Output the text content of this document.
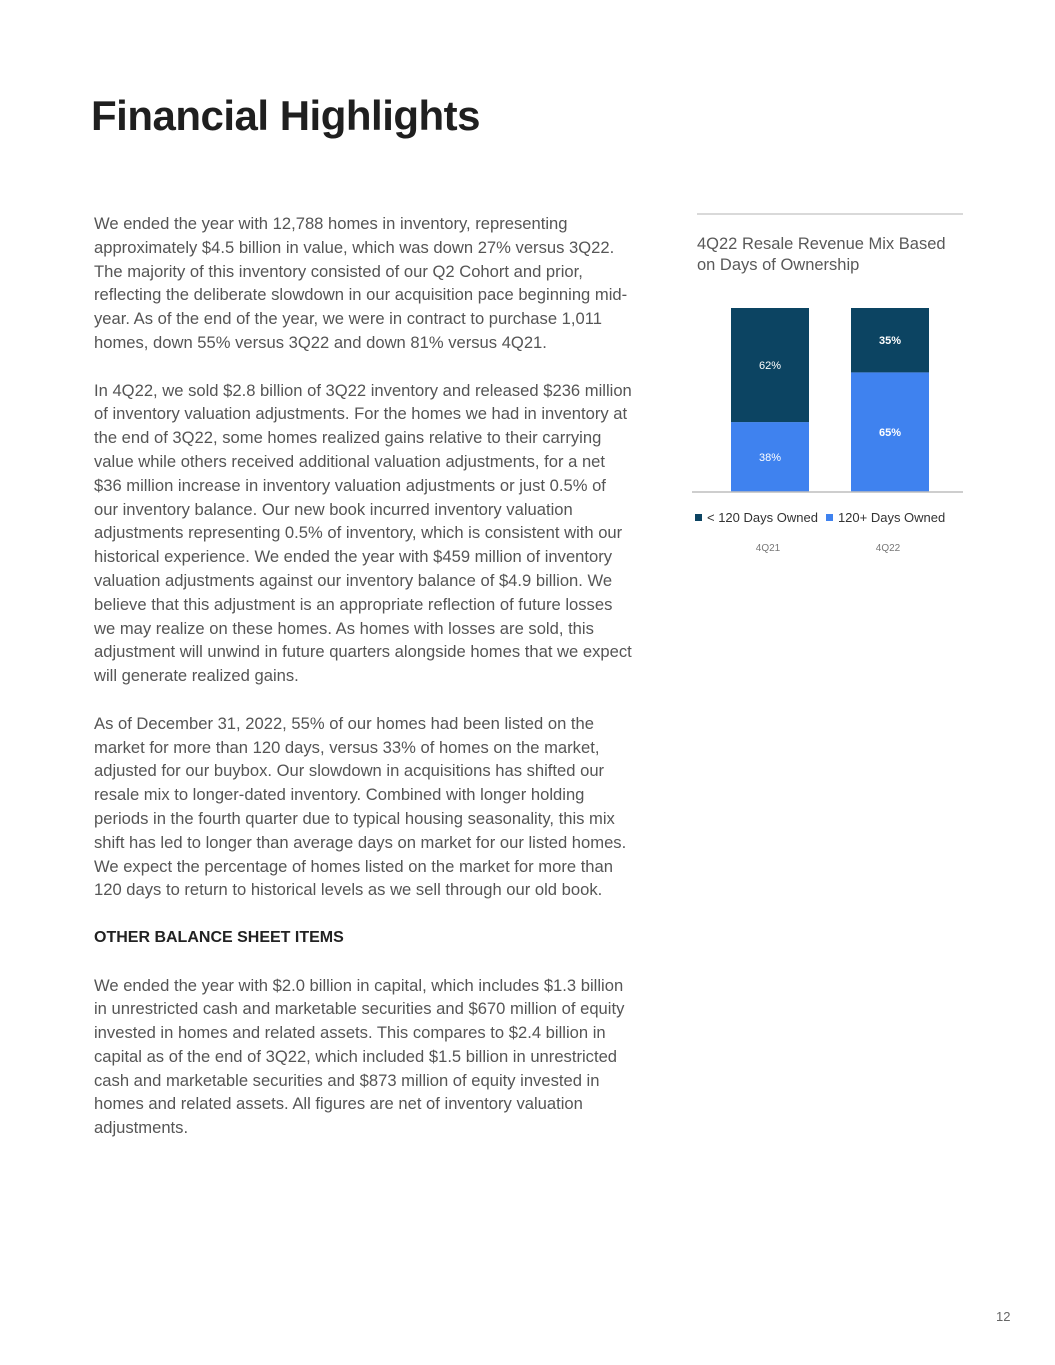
Financial Highlights

We ended the year with 12,788 homes in inventory, representing approximately $4.5 billion in value, which was down 27% versus 3Q22. The majority of this inventory consisted of our Q2 Cohort and prior, reflecting the deliberate slowdown in our acquisition pace beginning mid-year. As of the end of the year, we were in contract to purchase 1,011 homes, down 55% versus 3Q22 and down 81% versus 4Q21.

In 4Q22, we sold $2.8 billion of 3Q22 inventory and released $236 million of inventory valuation adjustments. For the homes we had in inventory at the end of 3Q22, some homes realized gains relative to their carrying value while others received additional valuation adjustments, for a net $36 million increase in inventory valuation adjustments or just 0.5% of our inventory balance. Our new book incurred inventory valuation adjustments representing 0.5% of inventory, which is consistent with our historical experience. We ended the year with $459 million of inventory valuation adjustments against our inventory balance of $4.9 billion. We believe that this adjustment is an appropriate reflection of future losses we may realize on these homes. As homes with losses are sold, this adjustment will unwind in future quarters alongside homes that we expect will generate realized gains.

As of December 31, 2022, 55% of our homes had been listed on the market for more than 120 days, versus 33% of homes on the market, adjusted for our buybox. Our slowdown in acquisitions has shifted our resale mix to longer-dated inventory. Combined with longer holding periods in the fourth quarter due to typical housing seasonality, this mix shift has led to longer than average days on market for our listed homes. We expect the percentage of homes listed on the market for more than 120 days to return to historical levels as we sell through our old book.

OTHER BALANCE SHEET ITEMS

We ended the year with $2.0 billion in capital, which includes $1.3 billion in unrestricted cash and marketable securities and $670 million of equity invested in homes and related assets. This compares to $2.4 billion in capital as of the end of 3Q22, which included $1.5 billion in unrestricted cash and marketable securities and $873 million of equity invested in homes and related assets. All figures are net of inventory valuation adjustments.

4Q22 Resale Revenue Mix Based on Days of Ownership
38%
62%
4Q21
65%
35%
4Q22
< 120 Days Owned 120+ Days Owned
12
